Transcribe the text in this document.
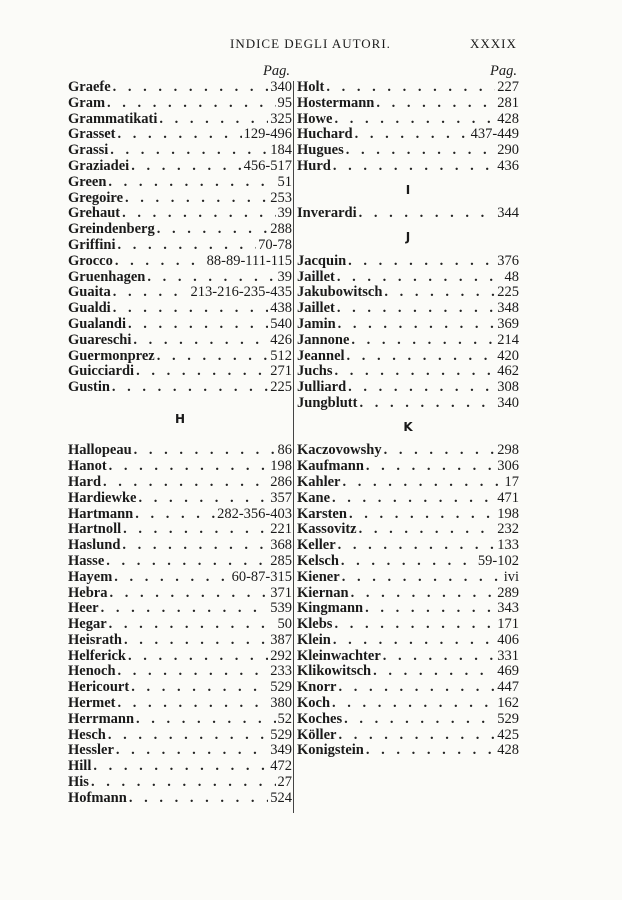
INDICE DEGLI AUTORI.	XXXIX
Pag.
Graefe . . .	340
Gram . . .	95
Grammatikati . . .	325
Grasset . . .	129-496
Grassi . . .	184
Graziadei . . .	456-517
Green . . .	51
Gregoire . . .	253
Grehaut . . .	39
Greindenberg . . .	288
Griffini . . .	70-78
Grocco . . .	88-89-111-115
Gruenhagen . . .	39
Guaita . . .	213-216-235-435
Gualdi . . .	438
Gualandi . . .	540
Guareschi . . .	426
Guermonprez . . .	512
Guicciardi . . .	271
Gustin . . .	225
H
Hallopeau . . .	86
Hanot . . .	198
Hard . . .	286
Hardiewke . . .	357
Hartmann . . .	282-356-403
Hartnoll . . .	221
Haslund . . .	368
Hasse . . .	285
Hayem . . .	60-87-315
Hebra . . .	371
Heer . . .	539
Hegar . . .	50
Heisrath . . .	387
Helferick . . .	292
Henoch . . .	233
Hericourt . . .	529
Hermet . . .	380
Herrmann . . .	52
Hesch . . .	529
Hessler . . .	349
Hill . . .	472
His . . .	27
Hofmann . . .	524
Pag.
Holt . . .	227
Hostermann . . .	281
Howe . . .	428
Huchard . . .	437-449
Hugues . . .	290
Hurd . . .	436
I
Inverardi . . .	344
J
Jacquin . . .	376
Jaillet . . .	48
Jakubowitsch . . .	225
Jaillet . . .	348
Jamin . . .	369
Jannone . . .	214
Jeannel . . .	420
Juchs . . .	462
Julliard . . .	308
Jungblutt . . .	340
K
Kaczovowshy . . .	298
Kaufmann . . .	306
Kahler . . .	17
Kane . . .	471
Karsten . . .	198
Kassovitz . . .	232
Keller . . .	133
Kelsch . . .	59-102
Kiener . . .	ivi
Kiernan . . .	289
Kingmann . . .	343
Klebs . . .	171
Klein . . .	406
Kleinwachter . . .	331
Klikowitsch . . .	469
Knorr . . .	447
Koch . . .	162
Koches . . .	529
Köller . . .	425
Konigstein . . .	428
